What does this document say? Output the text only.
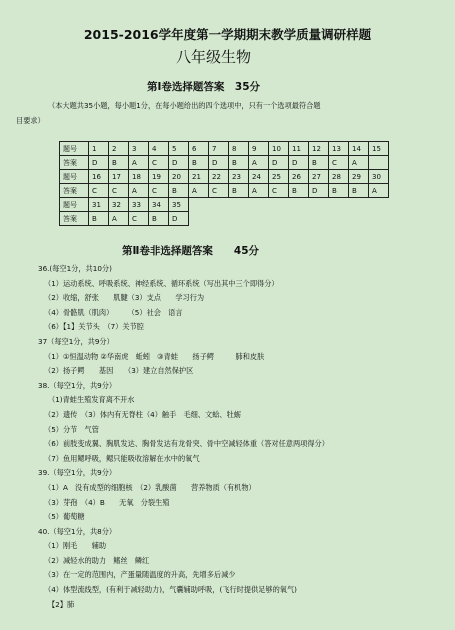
2015-2016学年度第一学期期末教学质量调研样题
八年级生物
第Ⅰ卷选择题答案　35分
（本大题共35小题，每小题1分，在每小题给出的四个选项中，只有一个选项最符合题
目要求）
题号	1	2	3	4	5	6	7	8	9	10	11	12	13	14	15
答案	D	B	A	C	D	B	D	B	A	D	D	B	C	A	
题号	16	17	18	19	20	21	22	23	24	25	26	27	28	29	30
答案	C	C	A	C	B	A	C	B	A	C	B	D	B	B	A
题号	31	32	33	34	35										
答案	B	A	C	B	D										
第Ⅱ卷非选择题答案　　45分
36.(每空1分，共10分)
（1）运动系统、呼吸系统、神经系统、循环系统（写出其中三个即得分）
（2）收缩，舒张　　肌腱（3）支点　　学习行为
（4）骨骼肌（肌肉）　　　（5）社会　语言
（6）【1】关节头　（7）关节腔
37（每空1分，共9分）
（1）①恒温动物 ②华南虎　蚯蚓　③青蛙　　扬子鳄　　　肺和皮肤
（2）扬子鳄　　基因　　（3）建立自然保护区
38.（每空1分，共9分）
（1)青蛙生殖发育离不开水
（2）遗传　（3）体内有无脊柱（4）触手　毛细、文蛤、牡蛎
（5）分节　气管
（6）前肢变成翼、胸肌发达、胸骨发达有龙骨突、骨中空减轻体重（答对任意两项得分）
（7）鱼用鳃呼吸，鳃只能吸收溶解在水中的氧气
39.（每空1分，共9分）
（1）A　没有成型的细胞核　（2）乳酸菌　　营养物质（有机物）
（3）芽孢　（4）B　　无氧　分裂生殖
（5）葡萄糖
40.（每空1分，共8分）
（1）刚毛　　辅助
（2）减轻水的助力　鳍丝　鳞红
（3）在一定的范围内，产蛋量随温度的升高，先增多后减少
（4）体型流线型，(有利于减轻助力)，气囊辅助呼吸，(飞行时提供足够的氧气)
【2】肺
